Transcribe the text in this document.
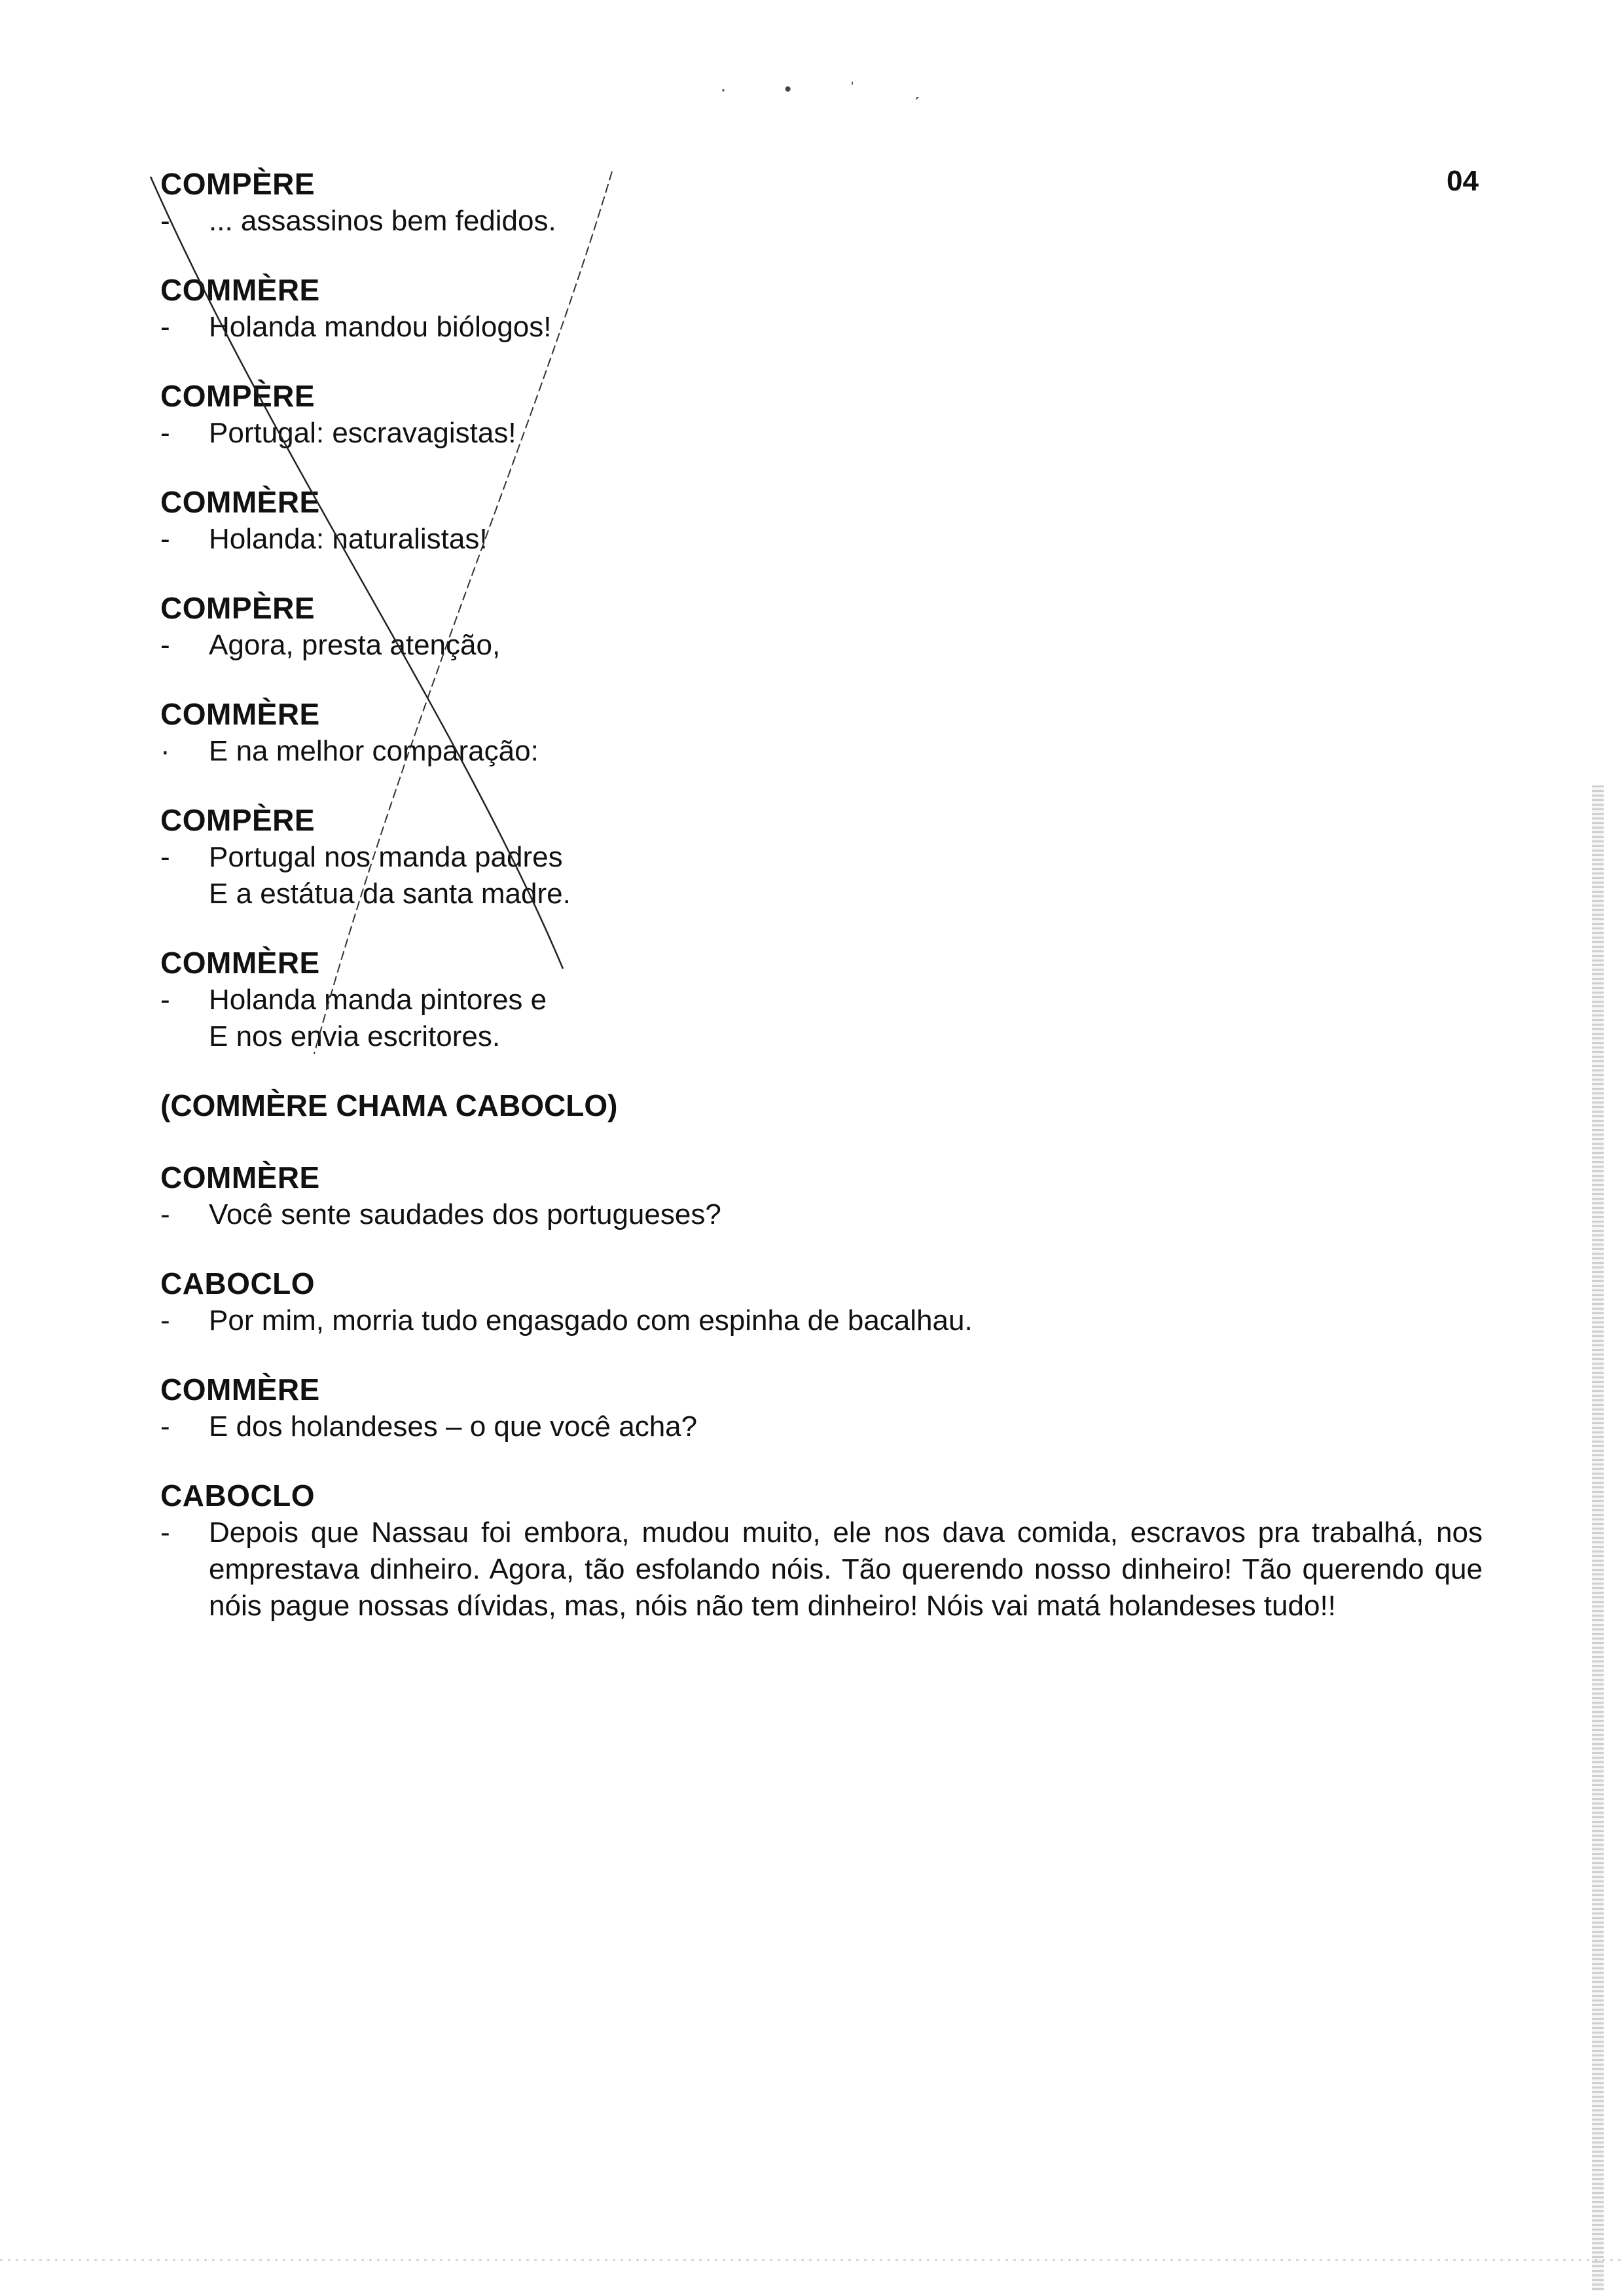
· • ˈ ˏ
04
COMPÈRE
-	... assassinos bem fedidos.
COMMÈRE
-	Holanda mandou biólogos!
COMPÈRE
-	Portugal: escravagistas!
COMMÈRE
-	Holanda: naturalistas!
COMPÈRE
-	Agora, presta atenção,
COMMÈRE
·	E na melhor comparação:
COMPÈRE
-	Portugal nos manda padres
E a estátua da santa madre.
COMMÈRE
-	Holanda manda pintores e
E nos envia escritores.
(COMMÈRE CHAMA CABOCLO)
COMMÈRE
-	Você sente saudades dos portugueses?
CABOCLO
-	Por mim, morria tudo engasgado com espinha de bacalhau.
COMMÈRE
-	E dos holandeses – o que você acha?
CABOCLO
-	Depois que Nassau foi embora, mudou muito, ele nos dava comida, escravos pra trabalhá, nos emprestava dinheiro. Agora, tão esfolando nóis. Tão querendo nosso dinheiro! Tão querendo que nóis pague nossas dívidas, mas, nóis não tem dinheiro! Nóis vai matá holandeses tudo!!
